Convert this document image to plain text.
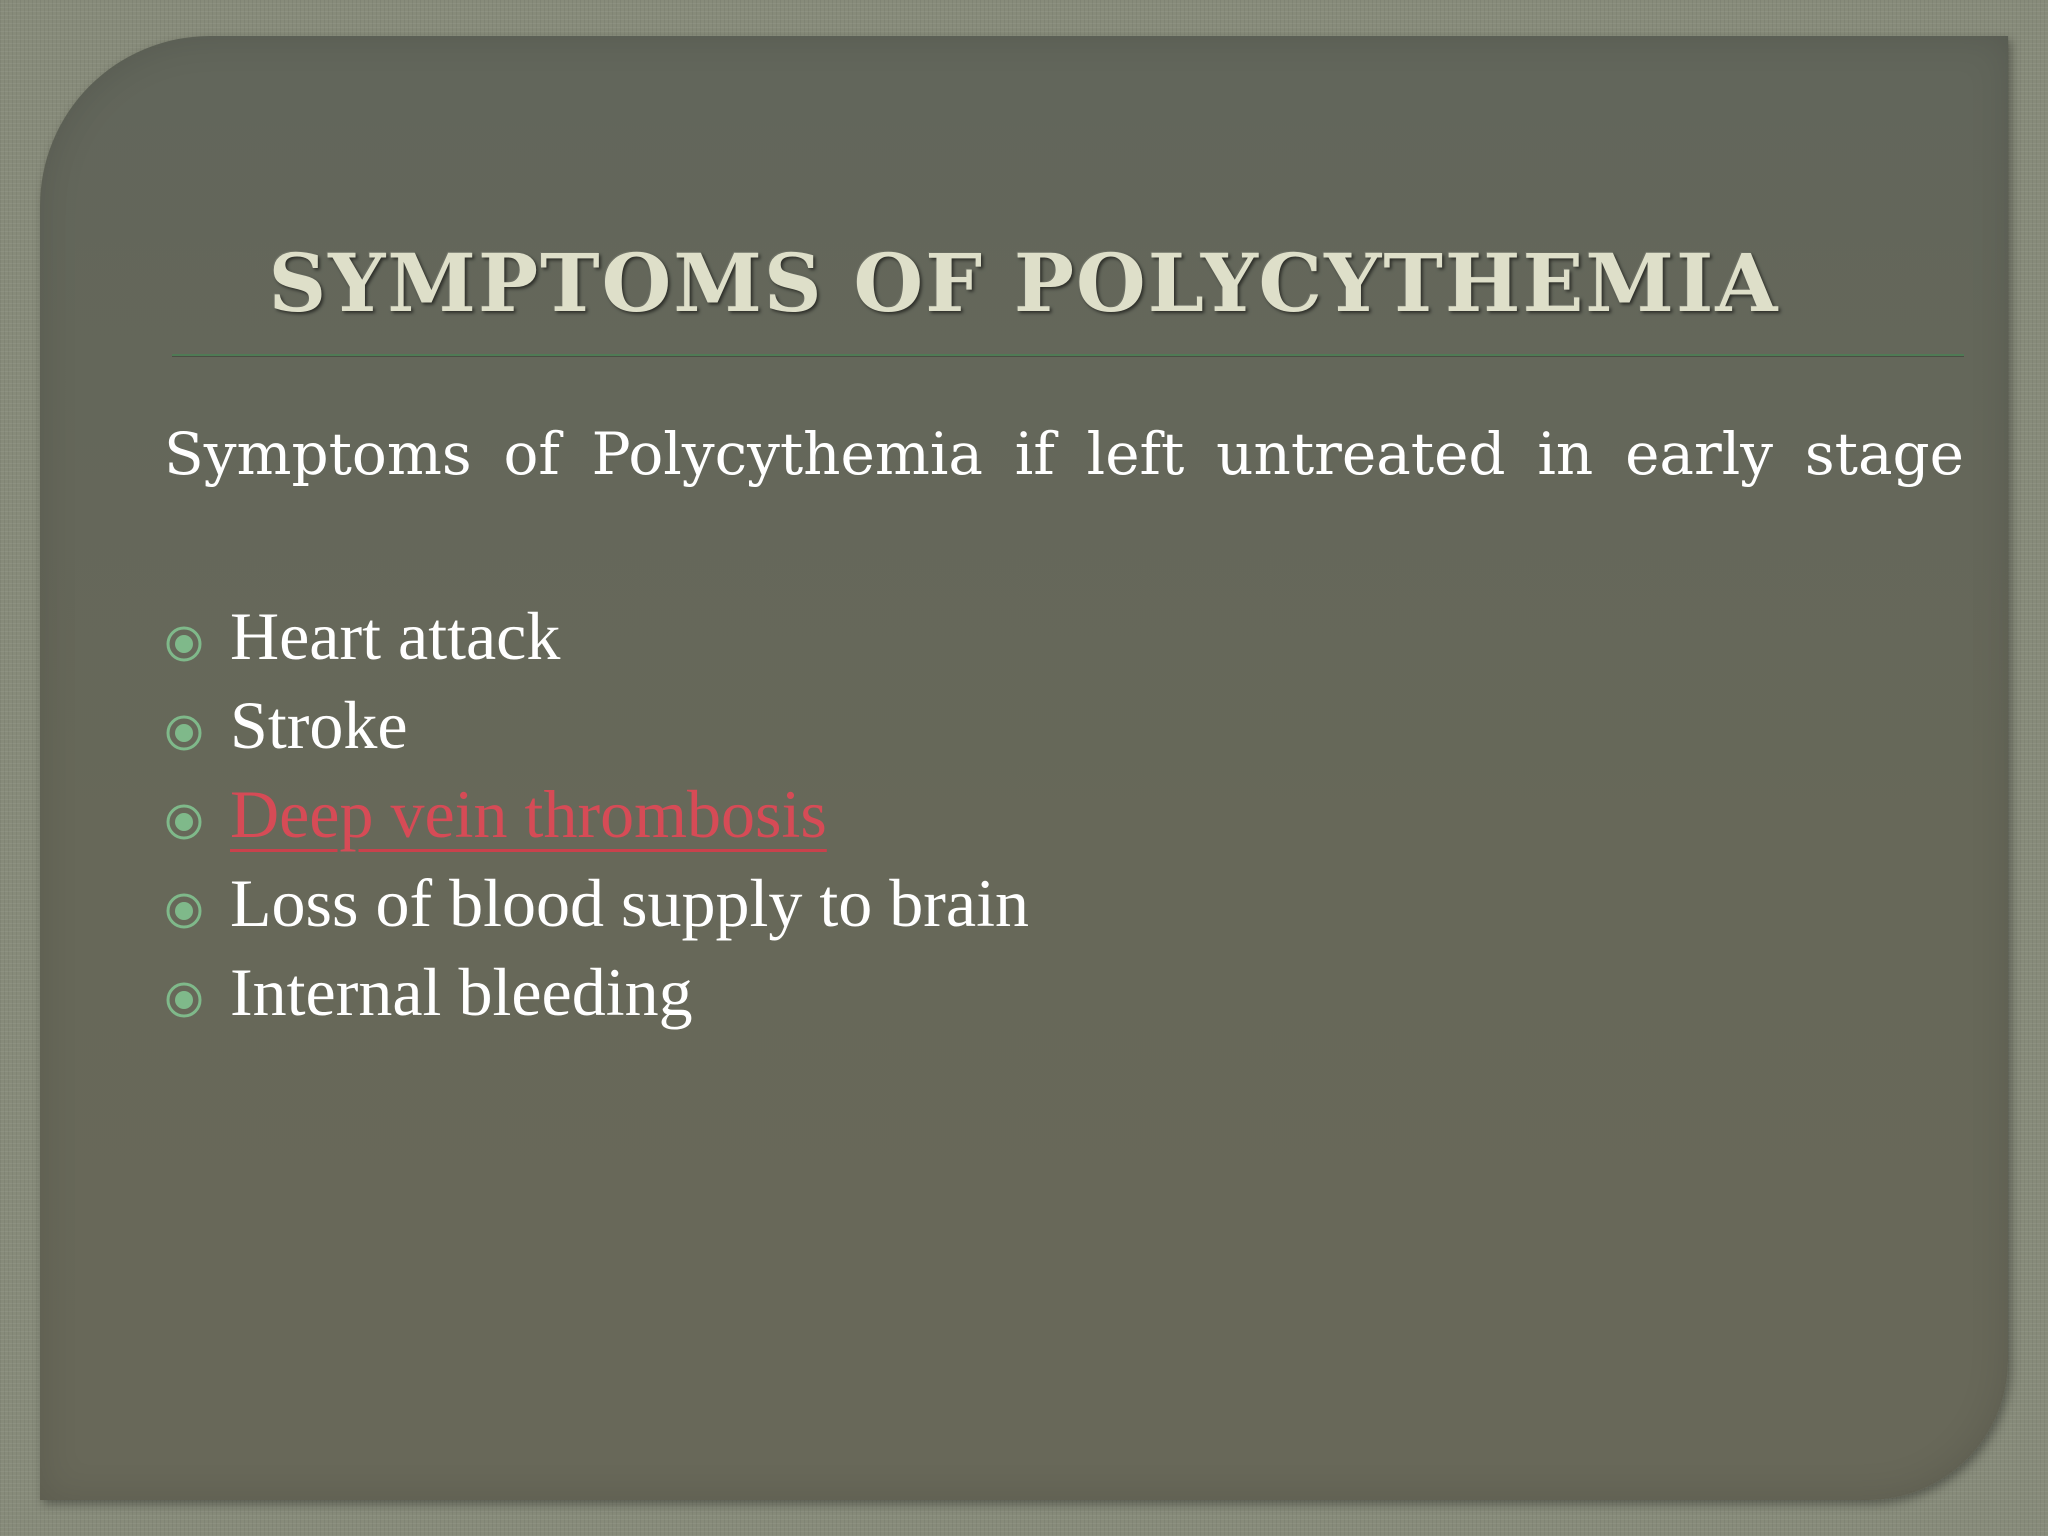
SYMPTOMS OF POLYCYTHEMIA

Symptoms of Polycythemia if left untreated in early stage

Heart attack
Stroke
Deep vein thrombosis
Loss of blood supply to brain
Internal bleeding
